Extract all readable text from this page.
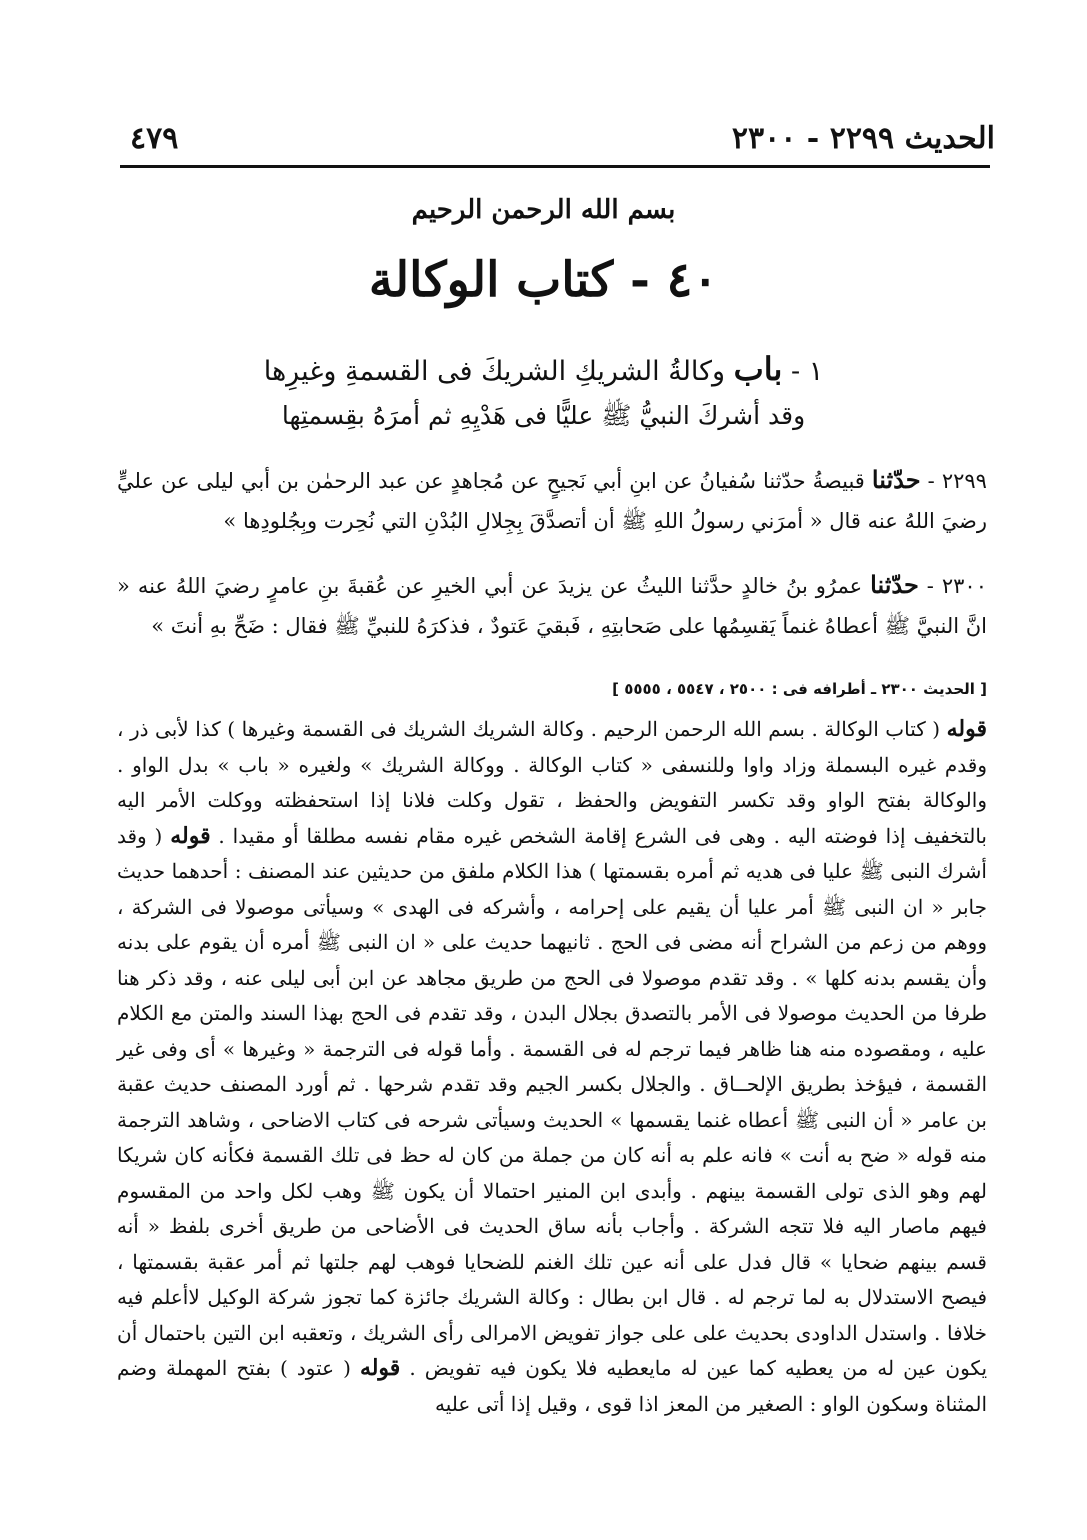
الحديث ٢٢٩٩ - ٢٣٠٠
٤٧٩
بسم الله الرحمن الرحيم
٤٠ - كتاب الوكالة
١ - باب وكالةُ الشريكِ الشريكَ فى القسمةِ وغيرِها
وقد أشركَ النبيُّ ﷺ عليًّا فى هَدْيِهِ ثم أمرَهُ بقِسمتِها
٢٢٩٩ - حدّثنا قبيصةُ حدّثنا سُفيانُ عن ابنِ أبي نَجيحٍ عن مُجاهدٍ عن عبد الرحمٰن بن أبي ليلى عن عليٍّ رضيَ اللهُ عنه قال « أمرَني رسولُ اللهِ ﷺ أن أتصدَّقَ بِجِلالِ البُدْنِ التي نُحِرت وبِجُلودِها »
٢٣٠٠ - حدّثنا عمرُو بنُ خالدٍ حدَّثنا الليثُ عن يزيدَ عن أبي الخيرِ عن عُقبةَ بنِ عامرٍ رضيَ اللهُ عنه « انَّ النبيَّ ﷺ أعطاهُ غنماً يَقسِمُها على صَحابتِهِ ، فَبقيَ عَتودٌ ، فذكرَهُ للنبيِّ ﷺ فقال : ضَحِّ بهِ أنتَ »
[ الحديث ٢٣٠٠ ـ أطرافه فى : ٢٥٠٠ ، ٥٥٤٧ ، ٥٥٥٥ ]
قوله ( كتاب الوكالة . بسم الله الرحمن الرحيم . وكالة الشريك الشريك فى القسمة وغيرها ) كذا لأبى ذر ، وقدم غيره البسملة وزاد واوا وللنسفى « كتاب الوكالة . ووكالة الشريك » ولغيره « باب » بدل الواو . والوكالة بفتح الواو وقد تكسر التفويض والحفظ ، تقول وكلت فلانا إذا استحفظته ووكلت الأمر اليه بالتخفيف إذا فوضته اليه . وهى فى الشرع إقامة الشخص غيره مقام نفسه مطلقا أو مقيدا . قوله ( وقد أشرك النبى ﷺ عليا فى هديه ثم أمره بقسمتها ) هذا الكلام ملفق من حديثين عند المصنف : أحدهما حديث جابر « ان النبى ﷺ أمر عليا أن يقيم على إحرامه ، وأشركه فى الهدى » وسيأتى موصولا فى الشركة ، ووهم من زعم من الشراح أنه مضى فى الحج . ثانيهما حديث على « ان النبى ﷺ أمره أن يقوم على بدنه وأن يقسم بدنه كلها » . وقد تقدم موصولا فى الحج من طريق مجاهد عن ابن أبى ليلى عنه ، وقد ذكر هنا طرفا من الحديث موصولا فى الأمر بالتصدق بجلال البدن ، وقد تقدم فى الحج بهذا السند والمتن مع الكلام عليه ، ومقصوده منه هنا ظاهر فيما ترجم له فى القسمة . وأما قوله فى الترجمة « وغيرها » أى وفى غير القسمة ، فيؤخذ بطريق الإلحــاق . والجلال بكسر الجيم وقد تقدم شرحها . ثم أورد المصنف حديث عقبة بن عامر « أن النبى ﷺ أعطاه غنما يقسمها » الحديث وسيأتى شرحه فى كتاب الاضاحى ، وشاهد الترجمة منه قوله « ضح به أنت » فانه علم به أنه كان من جملة من كان له حظ فى تلك القسمة فكأنه كان شريكا لهم وهو الذى تولى القسمة بينهم . وأبدى ابن المنير احتمالا أن يكون ﷺ وهب لكل واحد من المقسوم فيهم ماصار اليه فلا تتجه الشركة . وأجاب بأنه ساق الحديث فى الأضاحى من طريق أخرى بلفظ « أنه قسم بينهم ضحايا » قال فدل على أنه عين تلك الغنم للضحايا فوهب لهم جلتها ثم أمر عقبة بقسمتها ، فيصح الاستدلال به لما ترجم له . قال ابن بطال : وكالة الشريك جائزة كما تجوز شركة الوكيل لاأعلم فيه خلافا . واستدل الداودى بحديث على على جواز تفويض الامرالى رأى الشريك ، وتعقبه ابن التين باحتمال أن يكون عين له من يعطيه كما عين له مايعطيه فلا يكون فيه تفويض . قوله ( عتود ) بفتح المهملة وضم المثناة وسكون الواو : الصغير من المعز اذا قوى ، وقيل إذا أتى عليه
